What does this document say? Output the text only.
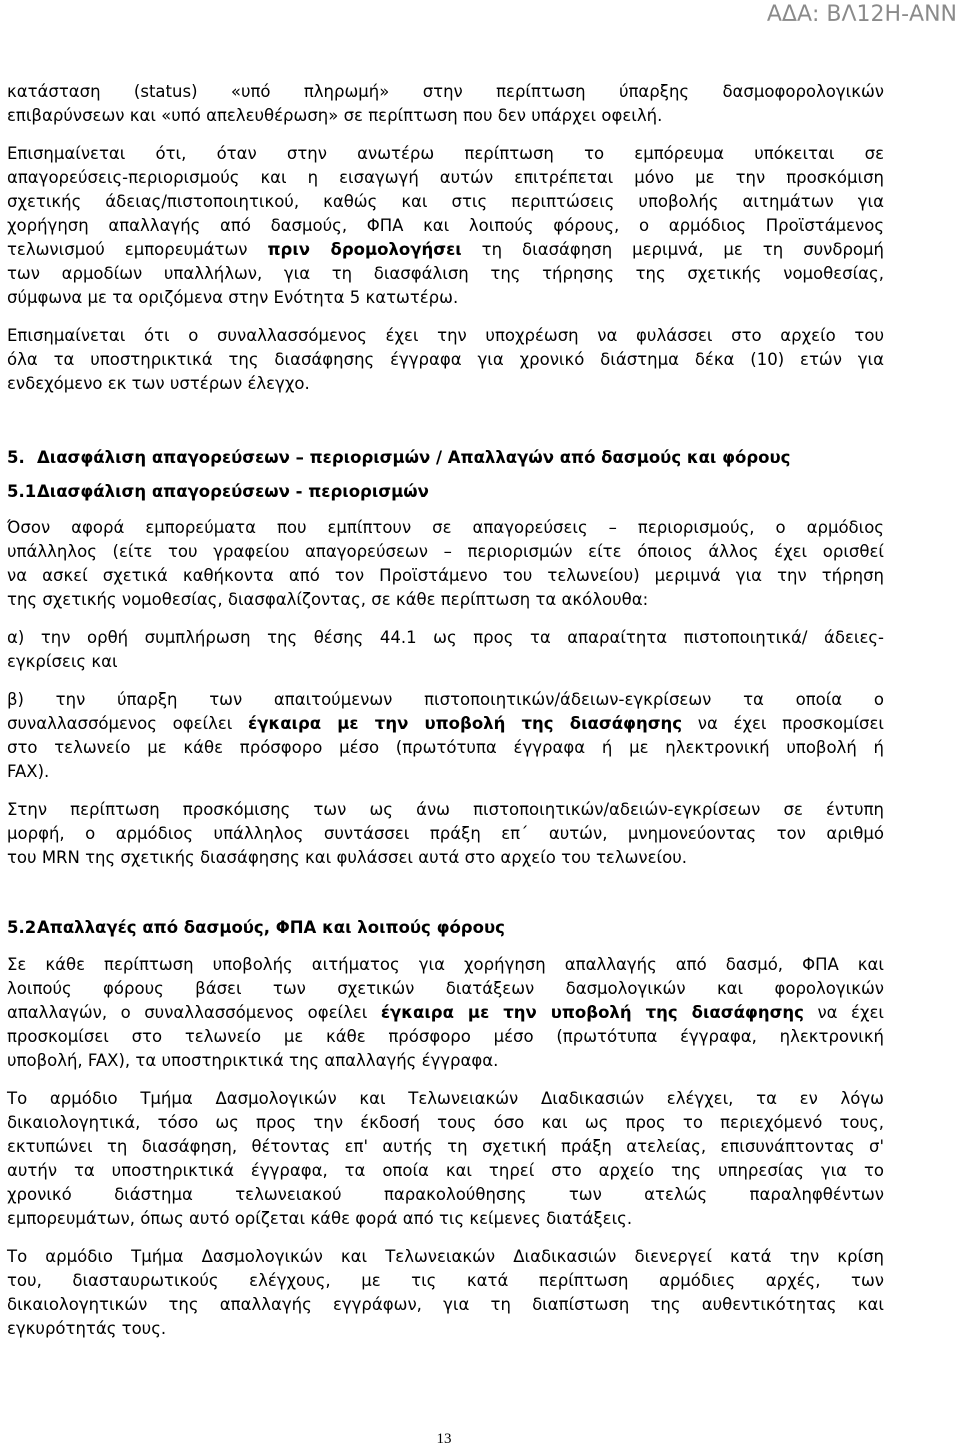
ΑΔΑ: ΒΛ12Η-ΑΝΝ
κατάσταση (status) «υπό πληρωμή» στην περίπτωση ύπαρξης δασμοφορολογικών
επιβαρύνσεων και «υπό απελευθέρωση» σε περίπτωση που δεν υπάρχει οφειλή.
Επισημαίνεται ότι, όταν στην ανωτέρω περίπτωση το εμπόρευμα υπόκειται σε
απαγορεύσεις-περιορισμούς και η εισαγωγή αυτών επιτρέπεται μόνο με την προσκόμιση
σχετικής άδειας/πιστοποιητικού, καθώς και στις περιπτώσεις υποβολής αιτημάτων για
χορήγηση απαλλαγής από δασμούς, ΦΠΑ και λοιπούς φόρους, ο αρμόδιος Προϊστάμενος
τελωνισμού εμπορευμάτων πριν δρομολογήσει τη διασάφηση μεριμνά, με τη συνδρομή
των αρμοδίων υπαλλήλων, για τη διασφάλιση της τήρησης της σχετικής νομοθεσίας,
σύμφωνα με τα οριζόμενα στην Ενότητα 5 κατωτέρω.
Επισημαίνεται ότι ο συναλλασσόμενος έχει την υποχρέωση να φυλάσσει στο αρχείο του
όλα τα υποστηρικτικά της διασάφησης έγγραφα για χρονικό διάστημα δέκα (10) ετών για
ενδεχόμενο εκ των υστέρων έλεγχο.
5. Διασφάλιση απαγορεύσεων – περιορισμών / Απαλλαγών από δασμούς και φόρους
5.1Διασφάλιση απαγορεύσεων - περιορισμών
Όσον αφορά εμπορεύματα που εμπίπτουν σε απαγορεύσεις – περιορισμούς, ο αρμόδιος
υπάλληλος (είτε του γραφείου απαγορεύσεων – περιορισμών είτε όποιος άλλος έχει ορισθεί
να ασκεί σχετικά καθήκοντα από τον Προϊστάμενο του τελωνείου) μεριμνά για την τήρηση
της σχετικής νομοθεσίας, διασφαλίζοντας, σε κάθε περίπτωση τα ακόλουθα:
α) την ορθή συμπλήρωση της θέσης 44.1 ως προς τα απαραίτητα πιστοποιητικά/ άδειες-
εγκρίσεις και
β) την ύπαρξη των απαιτούμενων πιστοποιητικών/άδειων-εγκρίσεων τα οποία ο
συναλλασσόμενος οφείλει έγκαιρα με την υποβολή της διασάφησης να έχει προσκομίσει
στο τελωνείο με κάθε πρόσφορο μέσο (πρωτότυπα έγγραφα ή με ηλεκτρονική υποβολή ή
FAX).
Στην περίπτωση προσκόμισης των ως άνω πιστοποιητικών/αδειών-εγκρίσεων σε έντυπη
μορφή, ο αρμόδιος υπάλληλος συντάσσει πράξη επ΄ αυτών, μνημονεύοντας τον αριθμό
του MRN της σχετικής διασάφησης και φυλάσσει αυτά στο αρχείο του τελωνείου.
5.2Απαλλαγές από δασμούς, ΦΠΑ και λοιπούς φόρους
Σε κάθε περίπτωση υποβολής αιτήματος για χορήγηση απαλλαγής από δασμό, ΦΠΑ και
λοιπούς φόρους βάσει των σχετικών διατάξεων δασμολογικών και φορολογικών
απαλλαγών, ο συναλλασσόμενος οφείλει έγκαιρα με την υποβολή της διασάφησης να έχει
προσκομίσει στο τελωνείο με κάθε πρόσφορο μέσο (πρωτότυπα έγγραφα, ηλεκτρονική
υποβολή, FAX), τα υποστηρικτικά της απαλλαγής έγγραφα.
Το αρμόδιο Τμήμα Δασμολογικών και Τελωνειακών Διαδικασιών ελέγχει, τα εν λόγω
δικαιολογητικά, τόσο ως προς την έκδοσή τους όσο και ως προς το περιεχόμενό τους,
εκτυπώνει τη διασάφηση, θέτοντας επ' αυτής τη σχετική πράξη ατελείας, επισυνάπτοντας σ'
αυτήν τα υποστηρικτικά έγγραφα, τα οποία και τηρεί στο αρχείο της υπηρεσίας για το
χρονικό διάστημα τελωνειακού παρακολούθησης των ατελώς παραληφθέντων
εμπορευμάτων, όπως αυτό ορίζεται κάθε φορά από τις κείμενες διατάξεις.
Το αρμόδιο Τμήμα Δασμολογικών και Τελωνειακών Διαδικασιών διενεργεί κατά την κρίση
του, διασταυρωτικούς ελέγχους, με τις κατά περίπτωση αρμόδιες αρχές, των
δικαιολογητικών της απαλλαγής εγγράφων, για τη διαπίστωση της αυθεντικότητας και
εγκυρότητάς τους.
13
